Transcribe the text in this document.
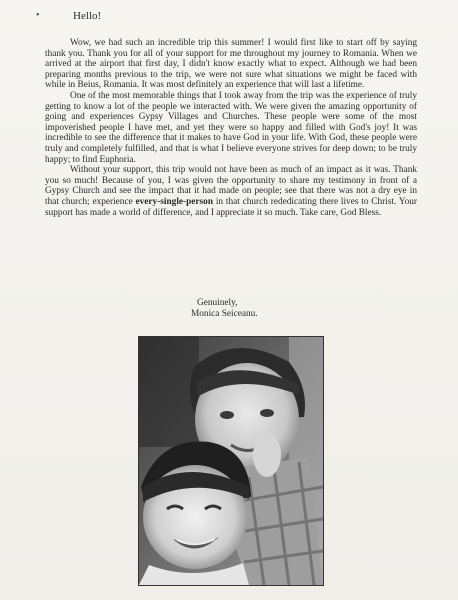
•	Hello!

Wow, we had such an incredible trip this summer! I would first like to start off by saying thank you. Thank you for all of your support for me throughout my journey to Romania. When we arrived at the airport that first day, I didn't know exactly what to expect. Although we had been preparing months previous to the trip, we were not sure what situations we might be faced with while in Beius, Romania. It was most definitely an experience that will last a lifetime.

One of the most memorable things that I took away from the trip was the experience of truly getting to know a lot of the people we interacted with. We were given the amazing opportunity of going and experiences Gypsy Villages and Churches. These people were some of the most impoverished people I have met, and yet they were so happy and filled with God's joy! It was incredible to see the difference that it makes to have God in your life. With God, these people were truly and completely fulfilled, and that is what I believe everyone strives for deep down; to be truly happy; to find Euphoria.

Without your support, this trip would not have been as much of an impact as it was. Thank you so much! Because of you, I was given the opportunity to share my testimony in front of a Gypsy Church and see the impact that it had made on people; see that there was not a dry eye in that church; experience every-single-person in that church rededicating there lives to Christ. Your support has made a world of difference, and I appreciate it so much. Take care, God Bless.

Genuinely,

Monica Seiceanu.
